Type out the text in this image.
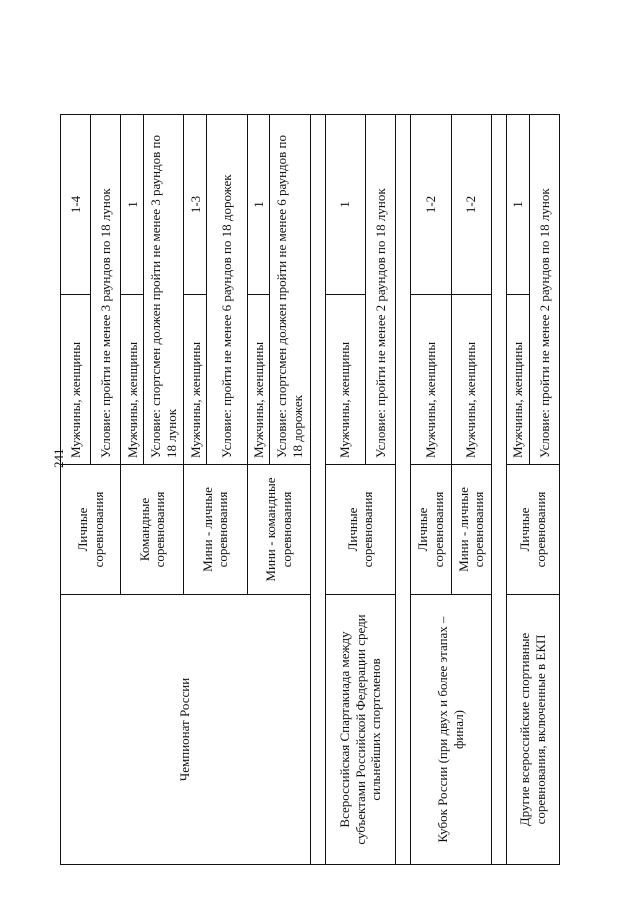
241
Чемпионат России	Личные соревнования	Мужчины, женщины	1-4
		Условие: пройти не менее 3 раундов по 18 лунок	
	Командные соревнования	Мужчины, женщины	1
		Условие: спортсмен должен пройти не менее 3 раундов по 18 лунок	
	Мини - личные соревнования	Мужчины, женщины	1-3
		Условие: пройти не менее 6 раундов по 18 дорожек	
	Мини - командные соревнования	Мужчины, женщины	1
		Условие: спортсмен должен пройти не менее 6 раундов по 18 дорожек	

Всероссийская Спартакиада между субъектами Российской Федерации среди сильнейших спортсменов	Личные соревнования	Мужчины, женщины	1
		Условие: пройти не менее 2 раундов по 18 лунок	

Кубок России (при двух и более этапах – финал)	Личные соревнования	Мужчины, женщины	1-2
	Мини - личные соревнования	Мужчины, женщины	1-2

Другие всероссийские спортивные соревнования, включенные в ЕКП	Личные соревнования	Мужчины, женщины	1
		Условие: пройти не менее 2 раундов по 18 лунок	
